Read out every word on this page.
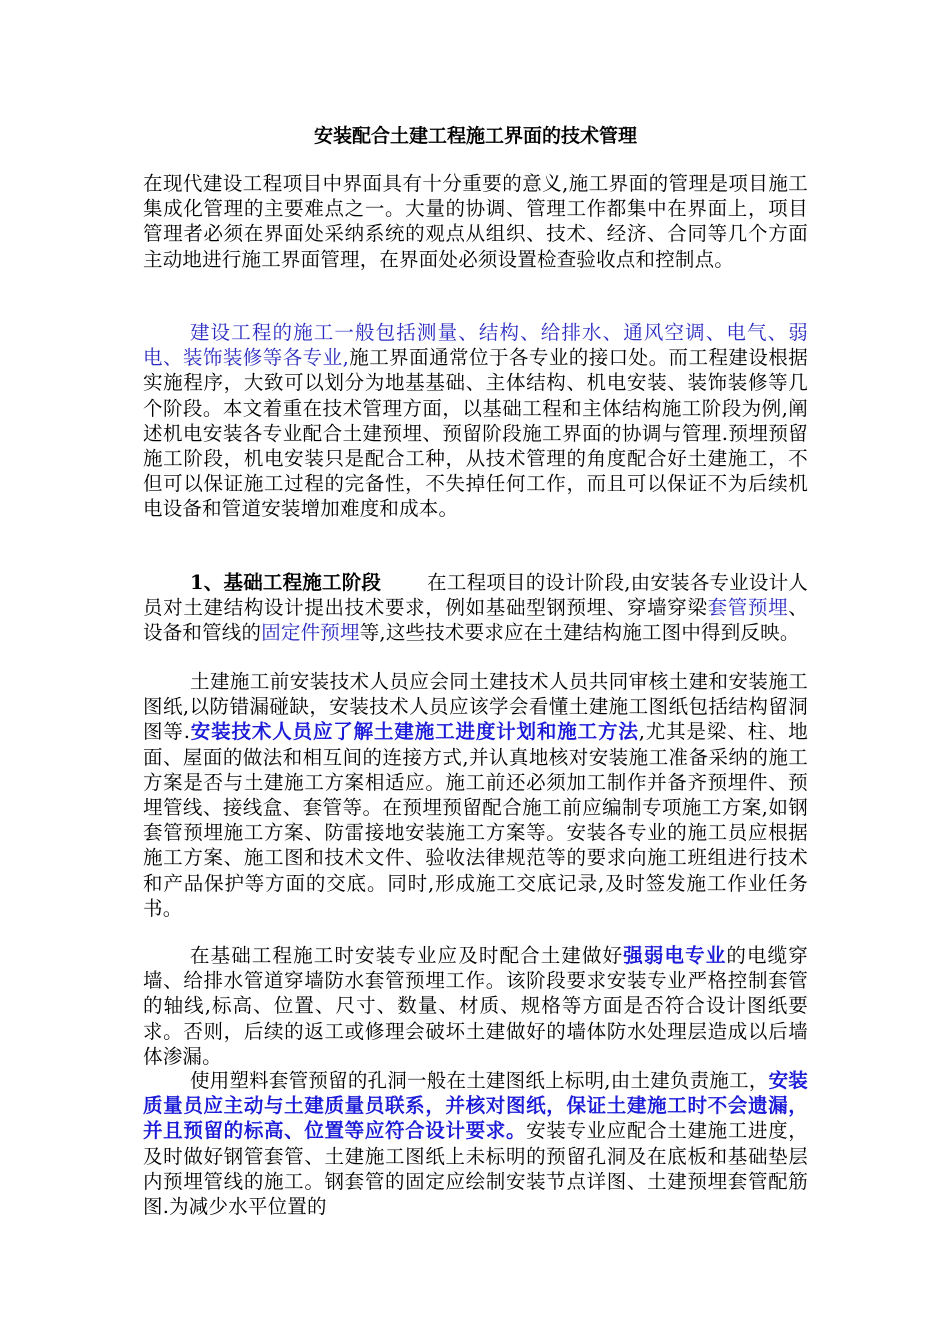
安装配合土建工程施工界面的技术管理

在现代建设工程项目中界面具有十分重要的意义,施工界面的管理是项目施工集成化管理的主要难点之一。大量的协调、管理工作都集中在界面上，项目管理者必须在界面处采纳系统的观点从组织、技术、经济、合同等几个方面主动地进行施工界面管理，在界面处必须设置检查验收点和控制点。

建设工程的施工一般包括测量、结构、给排水、通风空调、电气、弱电、装饰装修等各专业,施工界面通常位于各专业的接口处。而工程建设根据实施程序，大致可以划分为地基基础、主体结构、机电安装、装饰装修等几个阶段。本文着重在技术管理方面，以基础工程和主体结构施工阶段为例,阐述机电安装各专业配合土建预埋、预留阶段施工界面的协调与管理.预埋预留施工阶段，机电安装只是配合工种，从技术管理的角度配合好土建施工，不但可以保证施工过程的完备性，不失掉任何工作，而且可以保证不为后续机电设备和管道安装增加难度和成本。

1、基础工程施工阶段 在工程项目的设计阶段,由安装各专业设计人员对土建结构设计提出技术要求，例如基础型钢预埋、穿墙穿梁套管预埋、设备和管线的固定件预埋等,这些技术要求应在土建结构施工图中得到反映。

土建施工前安装技术人员应会同土建技术人员共同审核土建和安装施工图纸,以防错漏碰缺，安装技术人员应该学会看懂土建施工图纸包括结构留洞图等.安装技术人员应了解土建施工进度计划和施工方法,尤其是梁、柱、地面、屋面的做法和相互间的连接方式,并认真地核对安装施工准备采纳的施工方案是否与土建施工方案相适应。施工前还必须加工制作并备齐预埋件、预埋管线、接线盒、套管等。在预埋预留配合施工前应编制专项施工方案,如钢套管预埋施工方案、防雷接地安装施工方案等。安装各专业的施工员应根据施工方案、施工图和技术文件、验收法律规范等的要求向施工班组进行技术和产品保护等方面的交底。同时,形成施工交底记录,及时签发施工作业任务书。

在基础工程施工时安装专业应及时配合土建做好强弱电专业的电缆穿墙、给排水管道穿墙防水套管预埋工作。该阶段要求安装专业严格控制套管的轴线,标高、位置、尺寸、数量、材质、规格等方面是否符合设计图纸要求。否则，后续的返工或修理会破坏土建做好的墙体防水处理层造成以后墙体渗漏。

使用塑料套管预留的孔洞一般在土建图纸上标明,由土建负责施工，安装质量员应主动与土建质量员联系，并核对图纸，保证土建施工时不会遗漏，并且预留的标高、位置等应符合设计要求。安装专业应配合土建施工进度，及时做好钢管套管、土建施工图纸上未标明的预留孔洞及在底板和基础垫层内预埋管线的施工。钢套管的固定应绘制安装节点详图、土建预埋套管配筋图.为减少水平位置的
